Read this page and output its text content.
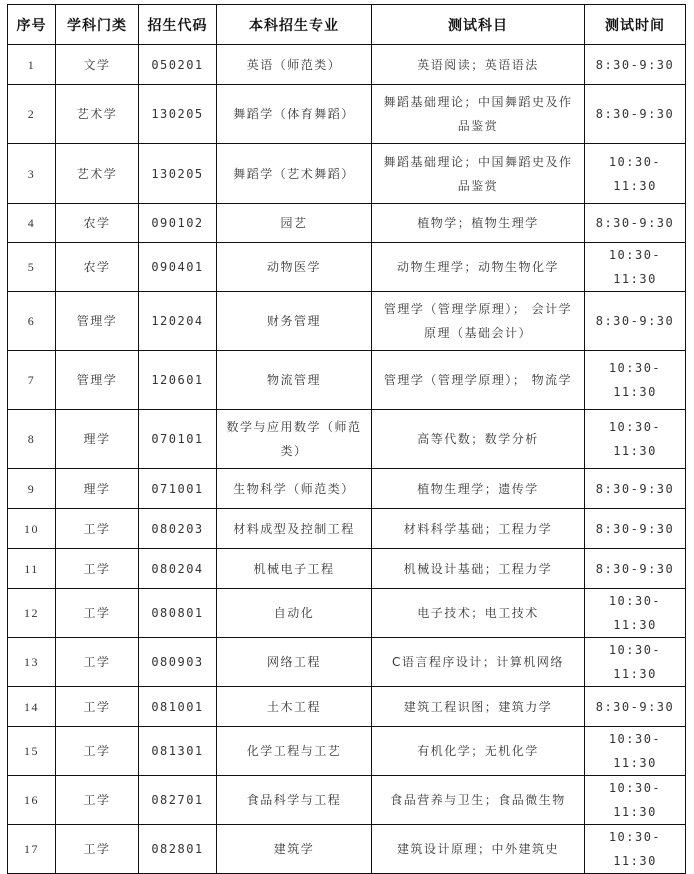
序号	学科门类	招生代码	本科招生专业	测试科目	测试时间
1	文学	050201	英语（师范类）	英语阅读；英语语法	8:30-9:30
2	艺术学	130205	舞蹈学（体育舞蹈）	舞蹈基础理论；中国舞蹈史及作品鉴赏	8:30-9:30
3	艺术学	130205	舞蹈学（艺术舞蹈）	舞蹈基础理论；中国舞蹈史及作品鉴赏	10:30-11:30
4	农学	090102	园艺	植物学；植物生理学	8:30-9:30
5	农学	090401	动物医学	动物生理学；动物生物化学	10:30-11:30
6	管理学	120204	财务管理	管理学（管理学原理）； 会计学原理（基础会计）	8:30-9:30
7	管理学	120601	物流管理	管理学（管理学原理）； 物流学	10:30-11:30
8	理学	070101	数学与应用数学（师范类）	高等代数；数学分析	10:30-11:30
9	理学	071001	生物科学（师范类）	植物生理学；遗传学	8:30-9:30
10	工学	080203	材料成型及控制工程	材料科学基础；工程力学	8:30-9:30
11	工学	080204	机械电子工程	机械设计基础；工程力学	8:30-9:30
12	工学	080801	自动化	电子技术；电工技术	10:30-11:30
13	工学	080903	网络工程	C语言程序设计；计算机网络	10:30-11:30
14	工学	081001	土木工程	建筑工程识图；建筑力学	8:30-9:30
15	工学	081301	化学工程与工艺	有机化学；无机化学	10:30-11:30
16	工学	082701	食品科学与工程	食品营养与卫生；食品微生物	10:30-11:30
17	工学	082801	建筑学	建筑设计原理；中外建筑史	10:30-11:30
